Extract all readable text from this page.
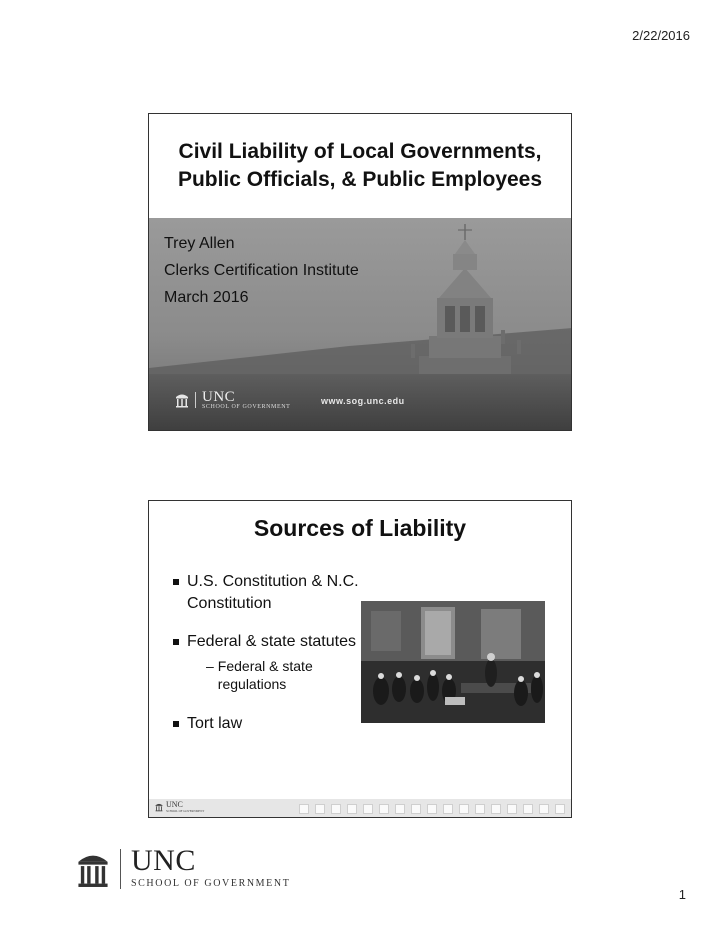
2/22/2016
Civil Liability of Local Governments, Public Officials, & Public Employees
Trey Allen
Clerks Certification Institute
March 2016
UNC
SCHOOL OF GOVERNMENT
www.sog.unc.edu
Sources of Liability
U.S. Constitution & N.C. Constitution
Federal & state statutes
– Federal & state regulations
Tort law
UNC
SCHOOL OF GOVERNMENT
UNC
SCHOOL OF GOVERNMENT
1
